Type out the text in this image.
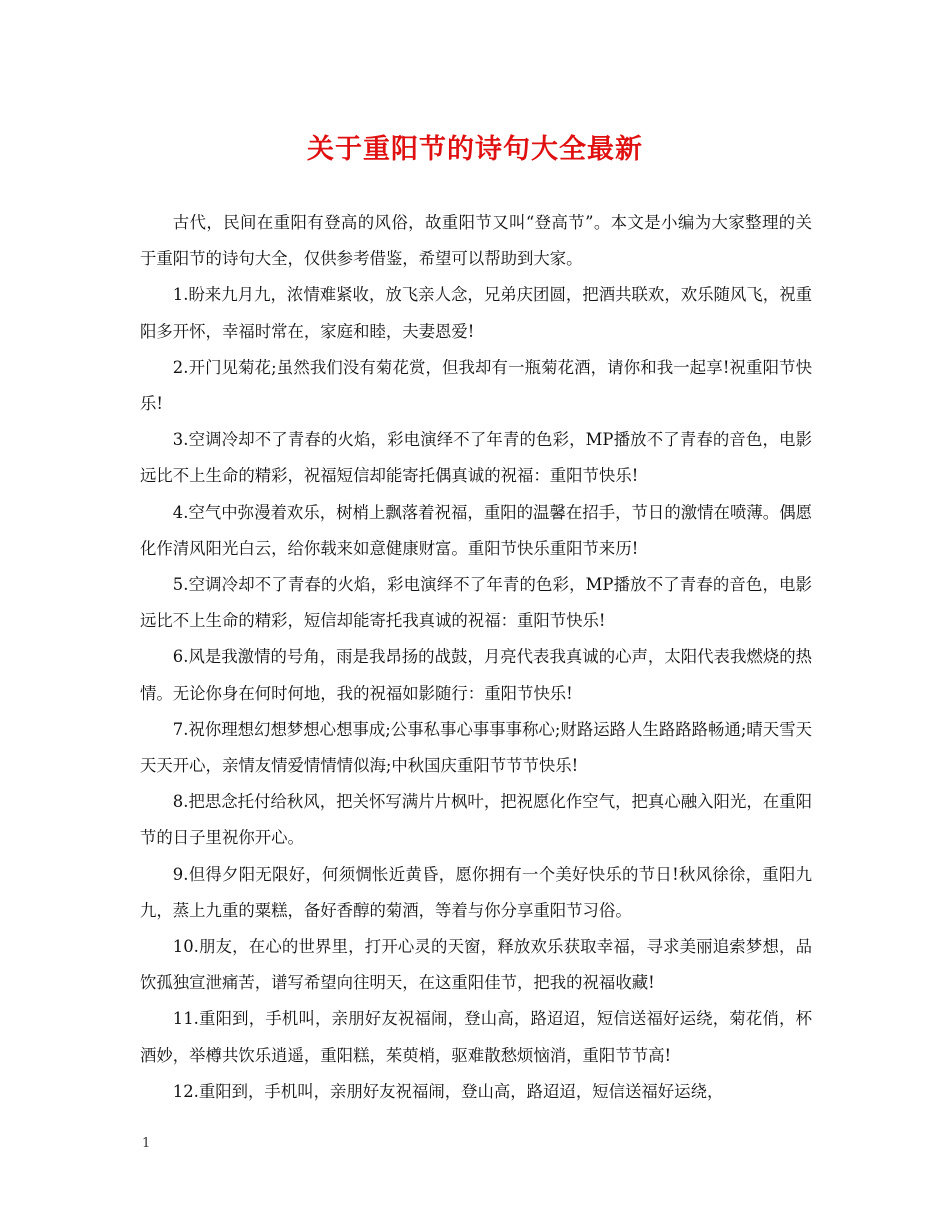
关于重阳节的诗句大全最新

古代，民间在重阳有登高的风俗，故重阳节又叫“登高节”。本文是小编为大家整理的关于重阳节的诗句大全，仅供参考借鉴，希望可以帮助到大家。

1.盼来九月九，浓情难紧收，放飞亲人念，兄弟庆团圆，把酒共联欢，欢乐随风飞，祝重阳多开怀，幸福时常在，家庭和睦，夫妻恩爱!

2.开门见菊花;虽然我们没有菊花赏，但我却有一瓶菊花酒，请你和我一起享!祝重阳节快乐!

3.空调冷却不了青春的火焰，彩电演绎不了年青的色彩，MP播放不了青春的音色，电影远比不上生命的精彩，祝福短信却能寄托偶真诚的祝福：重阳节快乐!

4.空气中弥漫着欢乐，树梢上飘落着祝福，重阳的温馨在招手，节日的激情在喷薄。偶愿化作清风阳光白云，给你载来如意健康财富。重阳节快乐重阳节来历!

5.空调冷却不了青春的火焰，彩电演绎不了年青的色彩，MP播放不了青春的音色，电影远比不上生命的精彩，短信却能寄托我真诚的祝福：重阳节快乐!

6.风是我激情的号角，雨是我昂扬的战鼓，月亮代表我真诚的心声，太阳代表我燃烧的热情。无论你身在何时何地，我的祝福如影随行：重阳节快乐!

7.祝你理想幻想梦想心想事成;公事私事心事事事称心;财路运路人生路路路畅通;晴天雪天天天开心，亲情友情爱情情情似海;中秋国庆重阳节节节快乐!

8.把思念托付给秋风，把关怀写满片片枫叶，把祝愿化作空气，把真心融入阳光，在重阳节的日子里祝你开心。

9.但得夕阳无限好，何须惆怅近黄昏，愿你拥有一个美好快乐的节日!秋风徐徐，重阳九九，蒸上九重的粟糕，备好香醇的菊酒，等着与你分享重阳节习俗。

10.朋友，在心的世界里，打开心灵的天窗，释放欢乐获取幸福，寻求美丽追索梦想，品饮孤独宣泄痛苦，谱写希望向往明天，在这重阳佳节，把我的祝福收藏!

11.重阳到，手机叫，亲朋好友祝福闹，登山高，路迢迢，短信送福好运绕，菊花俏，杯酒妙，举樽共饮乐逍遥，重阳糕，茱萸梢，驱难散愁烦恼消，重阳节节高!

12.重阳到，手机叫，亲朋好友祝福闹，登山高，路迢迢，短信送福好运绕，

1
